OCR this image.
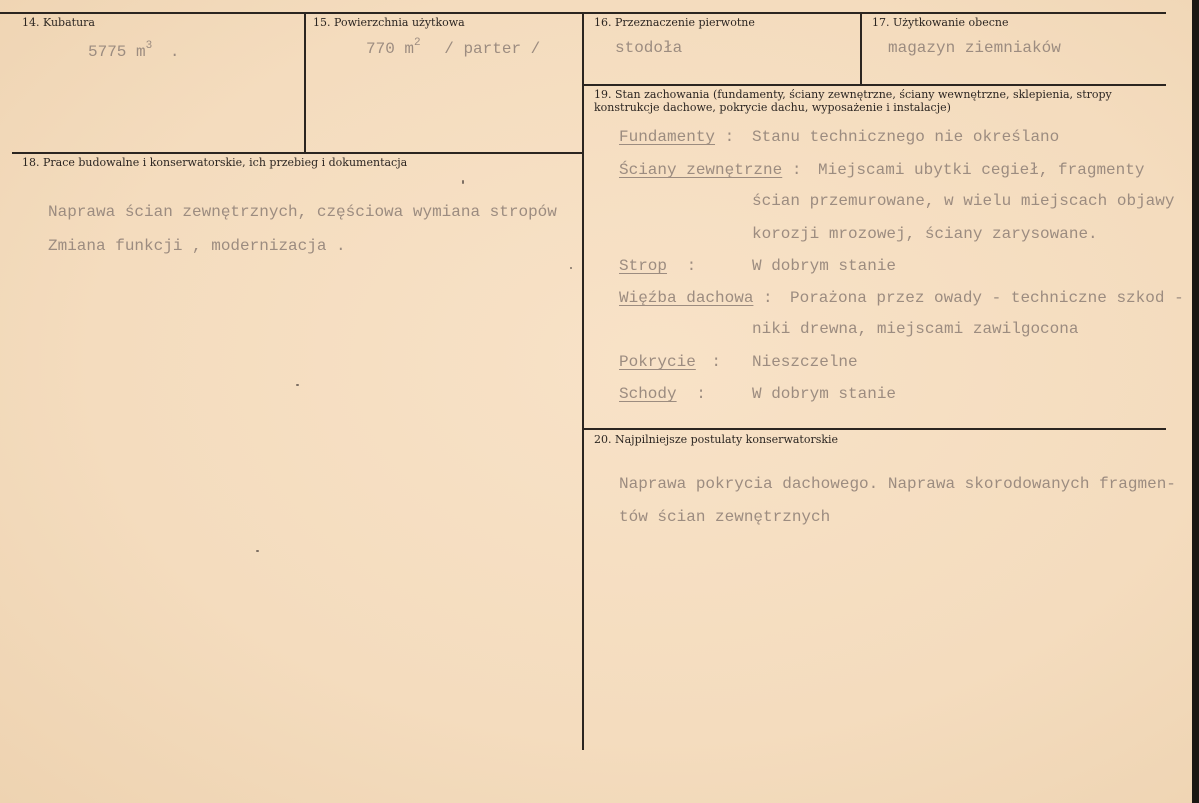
14. Kubatura
5775 $m^3$ .
15. Powierzchnia użytkowa
770 $m^2$ / parter /
16. Przeznaczenie pierwotne
stodoła
17. Użytkowanie obecne
magazyn ziemniaków
18. Prace budowalne i konserwatorskie, ich przebieg i dokumentacja
Naprawa ścian zewnętrznych, częściowa wymiana stropów
Zmiana funkcji , modernizacja .
19. Stan zachowania (fundamenty, ściany zewnętrzne, ściany wewnętrzne, sklepienia, stropy
konstrukcje dachowe, pokrycie dachu, wyposażenie i instalacje)
Fundamenty : Stanu technicznego nie określano
Ściany zewnętrzne : Miejscami ubytki cegieł, fragmenty
ścian przemurowane, w wielu miejscach objawy
korozji mrozowej, ściany zarysowane.
Strop :	W dobrym stanie
Więźba dachowa : Porażona przez owady - techniczne szkod -
niki drewna, miejscami zawilgocona
Pokrycie : Nieszczelne
Schody :	W dobrym stanie
20. Najpilniejsze postulaty konserwatorskie
Naprawa pokrycia dachowego. Naprawa skorodowanych fragmen-
tów ścian zewnętrznych
